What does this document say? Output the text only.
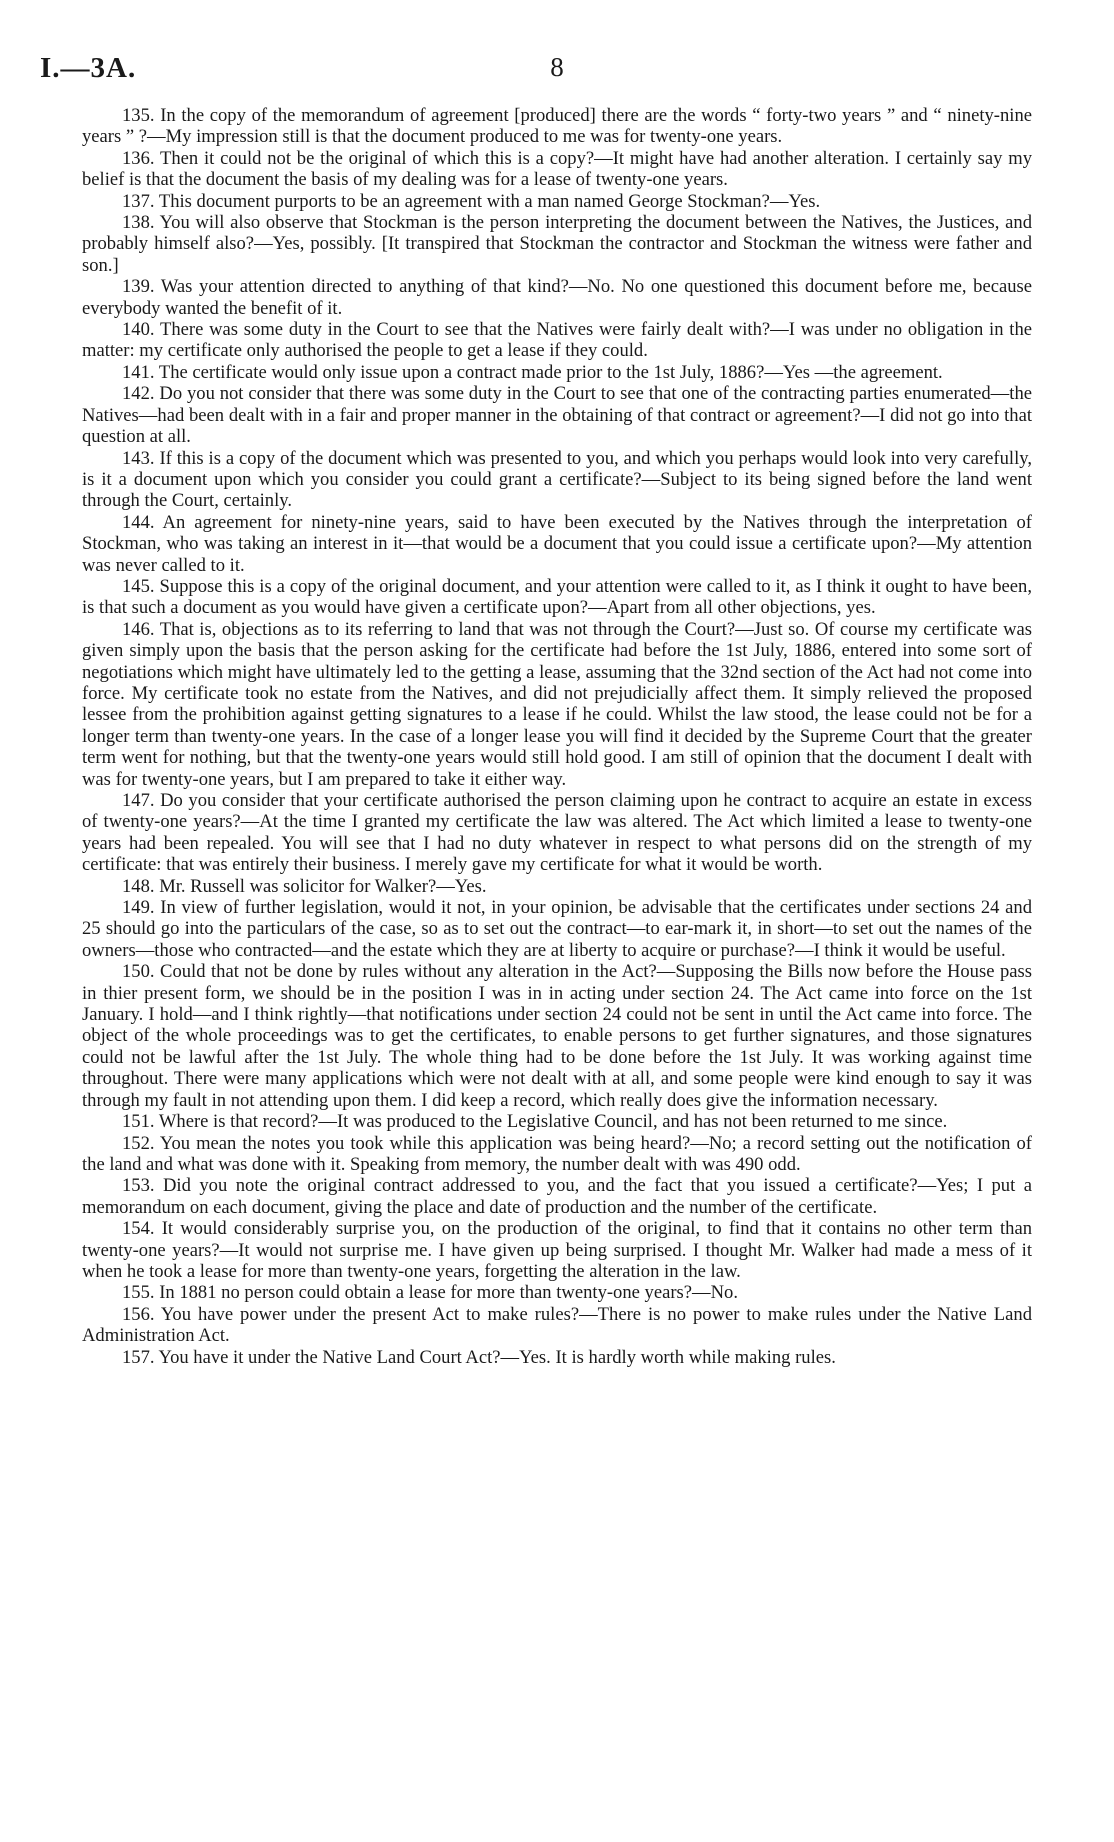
I.—3A.	8

135. In the copy of the memorandum of agreement [produced] there are the words “ forty-two years ” and “ ninety-nine years ” ?—My impression still is that the document produced to me was for twenty-one years.

136. Then it could not be the original of which this is a copy?—It might have had another alteration. I certainly say my belief is that the document the basis of my dealing was for a lease of twenty-one years.

137. This document purports to be an agreement with a man named George Stockman?—Yes.

138. You will also observe that Stockman is the person interpreting the document between the Natives, the Justices, and probably himself also?—Yes, possibly. [It transpired that Stockman the contractor and Stockman the witness were father and son.]

139. Was your attention directed to anything of that kind?—No. No one questioned this document before me, because everybody wanted the benefit of it.

140. There was some duty in the Court to see that the Natives were fairly dealt with?—I was under no obligation in the matter: my certificate only authorised the people to get a lease if they could.

141. The certificate would only issue upon a contract made prior to the 1st July, 1886?—Yes —the agreement.

142. Do you not consider that there was some duty in the Court to see that one of the contracting parties enumerated—the Natives—had been dealt with in a fair and proper manner in the obtaining of that contract or agreement?—I did not go into that question at all.

143. If this is a copy of the document which was presented to you, and which you perhaps would look into very carefully, is it a document upon which you consider you could grant a certificate?—Subject to its being signed before the land went through the Court, certainly.

144. An agreement for ninety-nine years, said to have been executed by the Natives through the interpretation of Stockman, who was taking an interest in it—that would be a document that you could issue a certificate upon?—My attention was never called to it.

145. Suppose this is a copy of the original document, and your attention were called to it, as I think it ought to have been, is that such a document as you would have given a certificate upon?—Apart from all other objections, yes.

146. That is, objections as to its referring to land that was not through the Court?—Just so. Of course my certificate was given simply upon the basis that the person asking for the certificate had before the 1st July, 1886, entered into some sort of negotiations which might have ultimately led to the getting a lease, assuming that the 32nd section of the Act had not come into force. My certificate took no estate from the Natives, and did not prejudicially affect them. It simply relieved the proposed lessee from the prohibition against getting signatures to a lease if he could. Whilst the law stood, the lease could not be for a longer term than twenty-one years. In the case of a longer lease you will find it decided by the Supreme Court that the greater term went for nothing, but that the twenty-one years would still hold good. I am still of opinion that the document I dealt with was for twenty-one years, but I am prepared to take it either way.

147. Do you consider that your certificate authorised the person claiming upon he contract to acquire an estate in excess of twenty-one years?—At the time I granted my certificate the law was altered. The Act which limited a lease to twenty-one years had been repealed. You will see that I had no duty whatever in respect to what persons did on the strength of my certificate: that was entirely their business. I merely gave my certificate for what it would be worth.

148. Mr. Russell was solicitor for Walker?—Yes.

149. In view of further legislation, would it not, in your opinion, be advisable that the certificates under sections 24 and 25 should go into the particulars of the case, so as to set out the contract—to ear-mark it, in short—to set out the names of the owners—those who contracted—and the estate which they are at liberty to acquire or purchase?—I think it would be useful.

150. Could that not be done by rules without any alteration in the Act?—Supposing the Bills now before the House pass in thier present form, we should be in the position I was in in acting under section 24. The Act came into force on the 1st January. I hold—and I think rightly—that notifications under section 24 could not be sent in until the Act came into force. The object of the whole proceedings was to get the certificates, to enable persons to get further signatures, and those signatures could not be lawful after the 1st July. The whole thing had to be done before the 1st July. It was working against time throughout. There were many applications which were not dealt with at all, and some people were kind enough to say it was through my fault in not attending upon them. I did keep a record, which really does give the information necessary.

151. Where is that record?—It was produced to the Legislative Council, and has not been returned to me since.

152. You mean the notes you took while this application was being heard?—No; a record setting out the notification of the land and what was done with it. Speaking from memory, the number dealt with was 490 odd.

153. Did you note the original contract addressed to you, and the fact that you issued a certificate?—Yes; I put a memorandum on each document, giving the place and date of production and the number of the certificate.

154. It would considerably surprise you, on the production of the original, to find that it contains no other term than twenty-one years?—It would not surprise me. I have given up being surprised. I thought Mr. Walker had made a mess of it when he took a lease for more than twenty-one years, forgetting the alteration in the law.

155. In 1881 no person could obtain a lease for more than twenty-one years?—No.

156. You have power under the present Act to make rules?—There is no power to make rules under the Native Land Administration Act.

157. You have it under the Native Land Court Act?—Yes. It is hardly worth while making rules.
